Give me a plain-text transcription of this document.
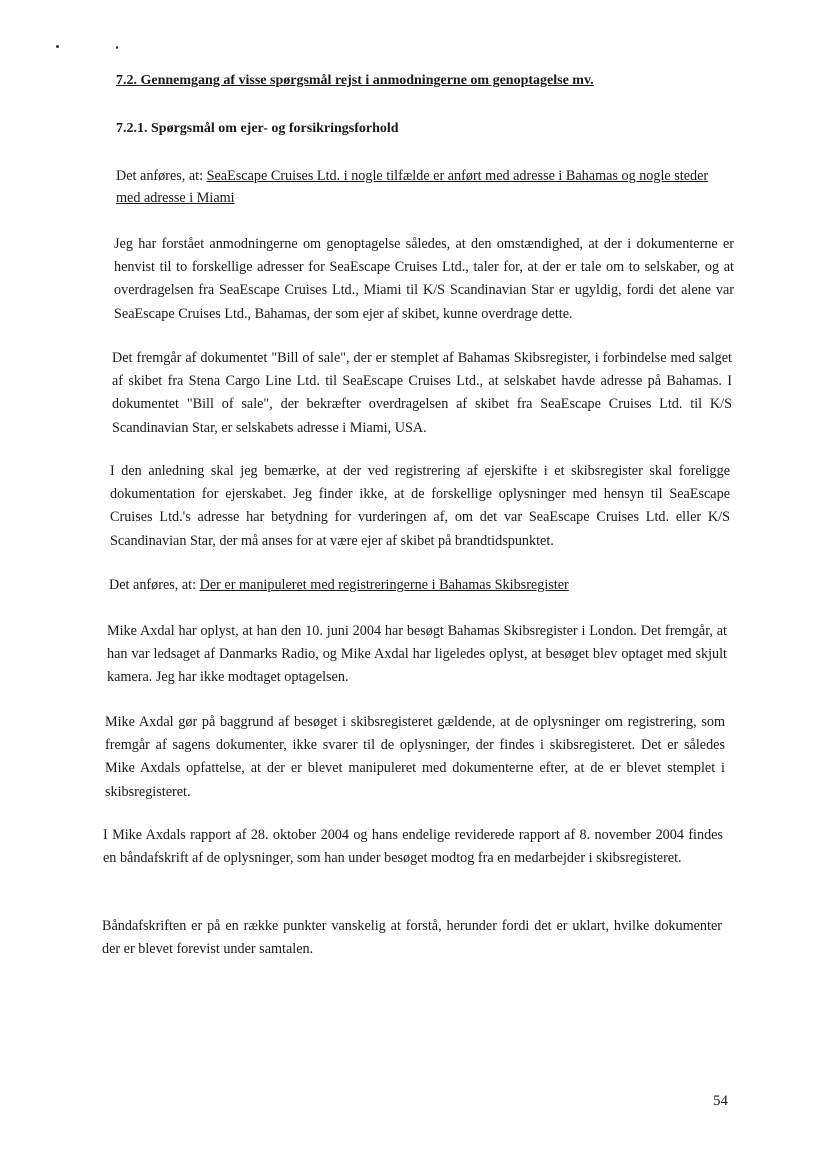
7.2. Gennemgang af visse spørgsmål rejst i anmodningerne om genoptagelse mv.
7.2.1. Spørgsmål om ejer- og forsikringsforhold

Det anføres, at: SeaEscape Cruises Ltd. i nogle tilfælde er anført med adresse i Bahamas og nogle steder med adresse i Miami

Jeg har forstået anmodningerne om genoptagelse således, at den omstændighed, at der i dokumenterne er henvist til to forskellige adresser for SeaEscape Cruises Ltd., taler for, at der er tale om to selskaber, og at overdragelsen fra SeaEscape Cruises Ltd., Miami til K/S Scandinavian Star er ugyldig, fordi det alene var SeaEscape Cruises Ltd., Bahamas, der som ejer af skibet, kunne overdrage dette.

Det fremgår af dokumentet "Bill of sale", der er stemplet af Bahamas Skibsregister, i forbindelse med salget af skibet fra Stena Cargo Line Ltd. til SeaEscape Cruises Ltd., at selskabet havde adresse på Bahamas. I dokumentet "Bill of sale", der bekræfter overdragelsen af skibet fra SeaEscape Cruises Ltd. til K/S Scandinavian Star, er selskabets adresse i Miami, USA.

I den anledning skal jeg bemærke, at der ved registrering af ejerskifte i et skibsregister skal foreligge dokumentation for ejerskabet. Jeg finder ikke, at de forskellige oplysninger med hensyn til SeaEscape Cruises Ltd.'s adresse har betydning for vurderingen af, om det var SeaEscape Cruises Ltd. eller K/S Scandinavian Star, der må anses for at være ejer af skibet på brandtidspunktet.

Det anføres, at: Der er manipuleret med registreringerne i Bahamas Skibsregister

Mike Axdal har oplyst, at han den 10. juni 2004 har besøgt Bahamas Skibsregister i London. Det fremgår, at han var ledsaget af Danmarks Radio, og Mike Axdal har ligeledes oplyst, at besøget blev optaget med skjult kamera. Jeg har ikke modtaget optagelsen.

Mike Axdal gør på baggrund af besøget i skibsregisteret gældende, at de oplysninger om registrering, som fremgår af sagens dokumenter, ikke svarer til de oplysninger, der findes i skibsregisteret. Det er således Mike Axdals opfattelse, at der er blevet manipuleret med dokumenterne efter, at de er blevet stemplet i skibsregisteret.

I Mike Axdals rapport af 28. oktober 2004 og hans endelige reviderede rapport af 8. november 2004 findes en båndafskrift af de oplysninger, som han under besøget modtog fra en medarbejder i skibsregisteret.

Båndafskriften er på en række punkter vanskelig at forstå, herunder fordi det er uklart, hvilke dokumenter der er blevet forevist under samtalen.

54
